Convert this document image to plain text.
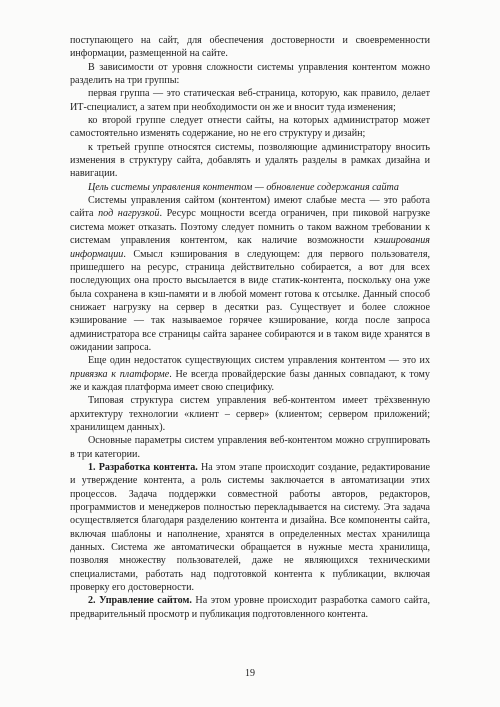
поступающего на сайт, для обеспечения достоверности и своевременности информации, размещенной на сайте.

В зависимости от уровня сложности системы управления контентом можно разделить на три группы:

первая группа — это статическая веб-страница, которую, как правило, делает ИТ-специалист, а затем при необходимости он же и вносит туда изменения;

ко второй группе следует отнести сайты, на которых администратор может самостоятельно изменять содержание, но не его структуру и дизайн;

к третьей группе относятся системы, позволяющие администратору вносить изменения в структуру сайта, добавлять и удалять разделы в рамках дизайна и навигации.

Цель системы управления контентом — обновление содержания сайта

Системы управления сайтом (контентом) имеют слабые места — это работа сайта под нагрузкой. Ресурс мощности всегда ограничен, при пиковой нагрузке система может отказать. Поэтому следует помнить о таком важном требовании к системам управления контентом, как наличие возможности кэширования информации. Смысл кэширования в следующем: для первого пользователя, пришедшего на ресурс, страница действительно собирается, а вот для всех последующих она просто высылается в виде статик-контента, поскольку она уже была сохранена в кэш-памяти и в любой момент готова к отсылке. Данный способ снижает нагрузку на сервер в десятки раз. Существует и более сложное кэширование — так называемое горячее кэширование, когда после запроса администратора все страницы сайта заранее собираются и в таком виде хранятся в ожидании запроса.

Еще один недостаток существующих систем управления контентом — это их привязка к платформе. Не всегда провайдерские базы данных совпадают, к тому же и каждая платформа имеет свою специфику.

Типовая структура систем управления веб-контентом имеет трёхзвенную архитектуру технологии «клиент – сервер» (клиентом; сервером приложений; хранилищем данных).

Основные параметры систем управления веб-контентом можно сгруппировать в три категории.

1. Разработка контента. На этом этапе происходит создание, редактирование и утверждение контента, а роль системы заключается в автоматизации этих процессов. Задача поддержки совместной работы авторов, редакторов, программистов и менеджеров полностью перекладывается на систему. Эта задача осуществляется благодаря разделению контента и дизайна. Все компоненты сайта, включая шаблоны и наполнение, хранятся в определенных местах хранилища данных. Система же автоматически обращается в нужные места хранилища, позволяя множеству пользователей, даже не являющихся техническими специалистами, работать над подготовкой контента к публикации, включая проверку его достоверности.

2. Управление сайтом. На этом уровне происходит разработка самого сайта, предварительный просмотр и публикация подготовленного контента.

19
